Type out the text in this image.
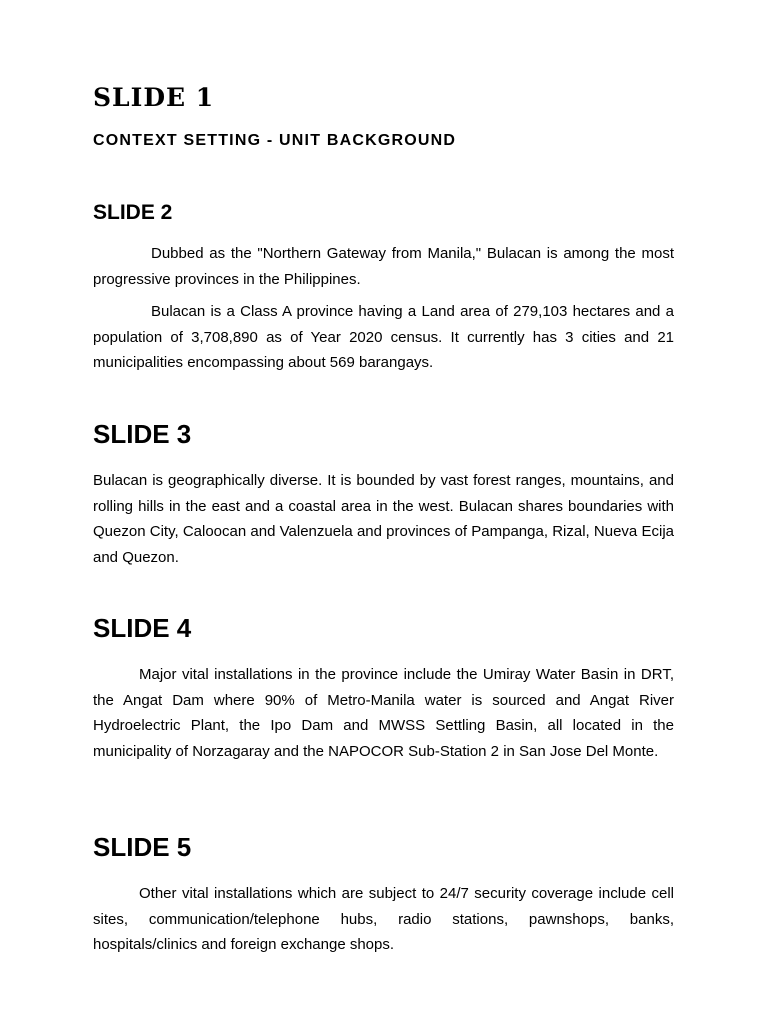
SLIDE 1
CONTEXT SETTING - UNIT BACKGROUND
SLIDE 2

Dubbed as the "Northern Gateway from Manila," Bulacan is among the most progressive provinces in the Philippines.

Bulacan is a Class A province having a Land area of 279,103 hectares and a population of 3,708,890 as of Year 2020 census. It currently has 3 cities and 21 municipalities encompassing about 569 barangays.

SLIDE 3

Bulacan is geographically diverse. It is bounded by vast forest ranges, mountains, and rolling hills in the east and a coastal area in the west. Bulacan shares boundaries with Quezon City, Caloocan and Valenzuela and provinces of Pampanga, Rizal, Nueva Ecija and Quezon.

SLIDE 4

Major vital installations in the province include the Umiray Water Basin in DRT, the Angat Dam where 90% of Metro-Manila water is sourced and Angat River Hydroelectric Plant, the Ipo Dam and MWSS Settling Basin, all located in the municipality of Norzagaray and the NAPOCOR Sub-Station 2 in San Jose Del Monte.

SLIDE 5

Other vital installations which are subject to 24/7 security coverage include cell sites, communication/telephone hubs, radio stations, pawnshops, banks, hospitals/clinics and foreign exchange shops.
